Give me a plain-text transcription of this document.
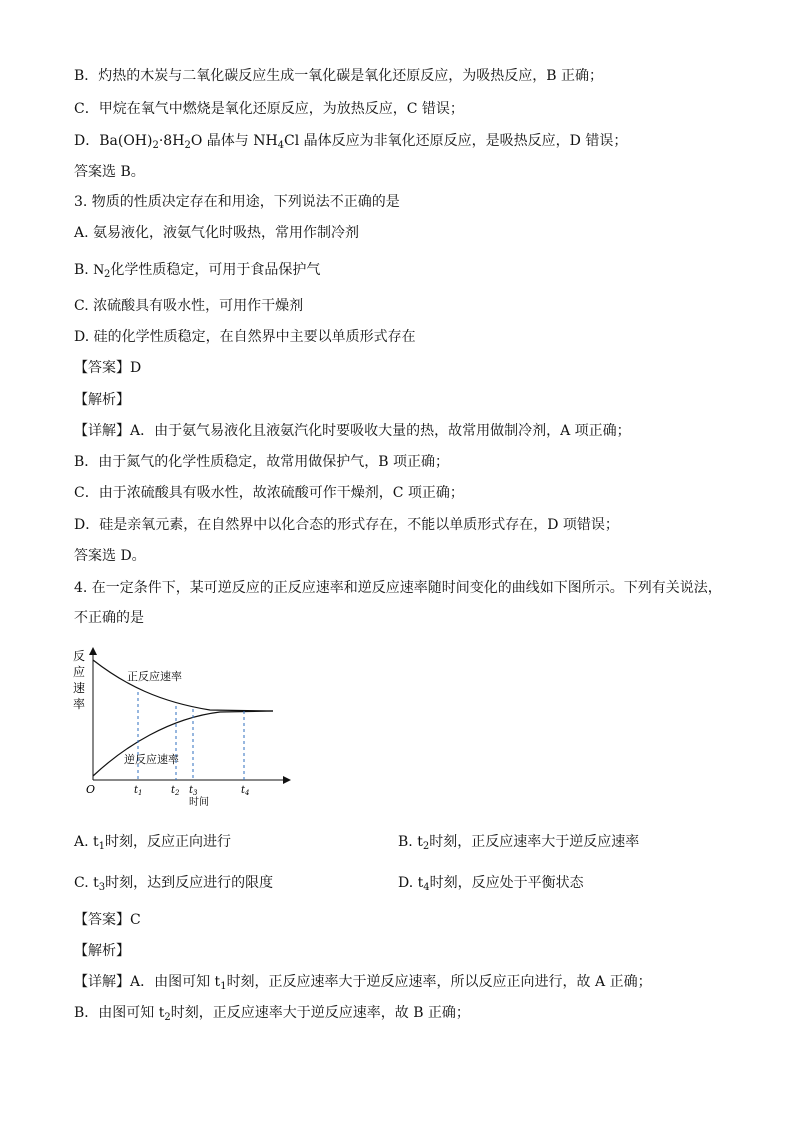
B．灼热的木炭与二氧化碳反应生成一氧化碳是氧化还原反应，为吸热反应，B 正确；
C．甲烷在氧气中燃烧是氧化还原反应，为放热反应，C 错误；
D．$Ba(OH)_2\cdot 8H_2O$ 晶体与 $NH_4Cl$ 晶体反应为非氧化还原反应，是吸热反应，D 错误；
答案选 B。
3. 物质的性质决定存在和用途，下列说法不正确的是
A. 氨易液化，液氨气化时吸热，常用作制冷剂
B. $N_2$化学性质稳定，可用于食品保护气
C. 浓硫酸具有吸水性，可用作干燥剂
D. 硅的化学性质稳定，在自然界中主要以单质形式存在
【答案】D
【解析】
【详解】A．由于氨气易液化且液氨汽化时要吸收大量的热，故常用做制冷剂，A 项正确；
B．由于氮气的化学性质稳定，故常用做保护气，B 项正确；
C．由于浓硫酸具有吸水性，故浓硫酸可作干燥剂，C 项正确；
D．硅是亲氧元素，在自然界中以化合态的形式存在，不能以单质形式存在，D 项错误；
答案选 D。
4. 在一定条件下，某可逆反应的正反应速率和逆反应速率随时间变化的曲线如下图所示。下列有关说法，
不正确的是
反
应
速
率
正反应速率
逆反应速率
O	$t_1$	$t_2$ $t_3$	$t_4$
时间
A. $t_1$时刻，反应正向进行	B. $t_2$时刻，正反应速率大于逆反应速率
C. $t_3$时刻，达到反应进行的限度	D. $t_4$时刻，反应处于平衡状态
【答案】C
【解析】
【详解】A．由图可知 $t_1$时刻，正反应速率大于逆反应速率，所以反应正向进行，故 A 正确；
B．由图可知 $t_2$时刻，正反应速率大于逆反应速率，故 B 正确；
